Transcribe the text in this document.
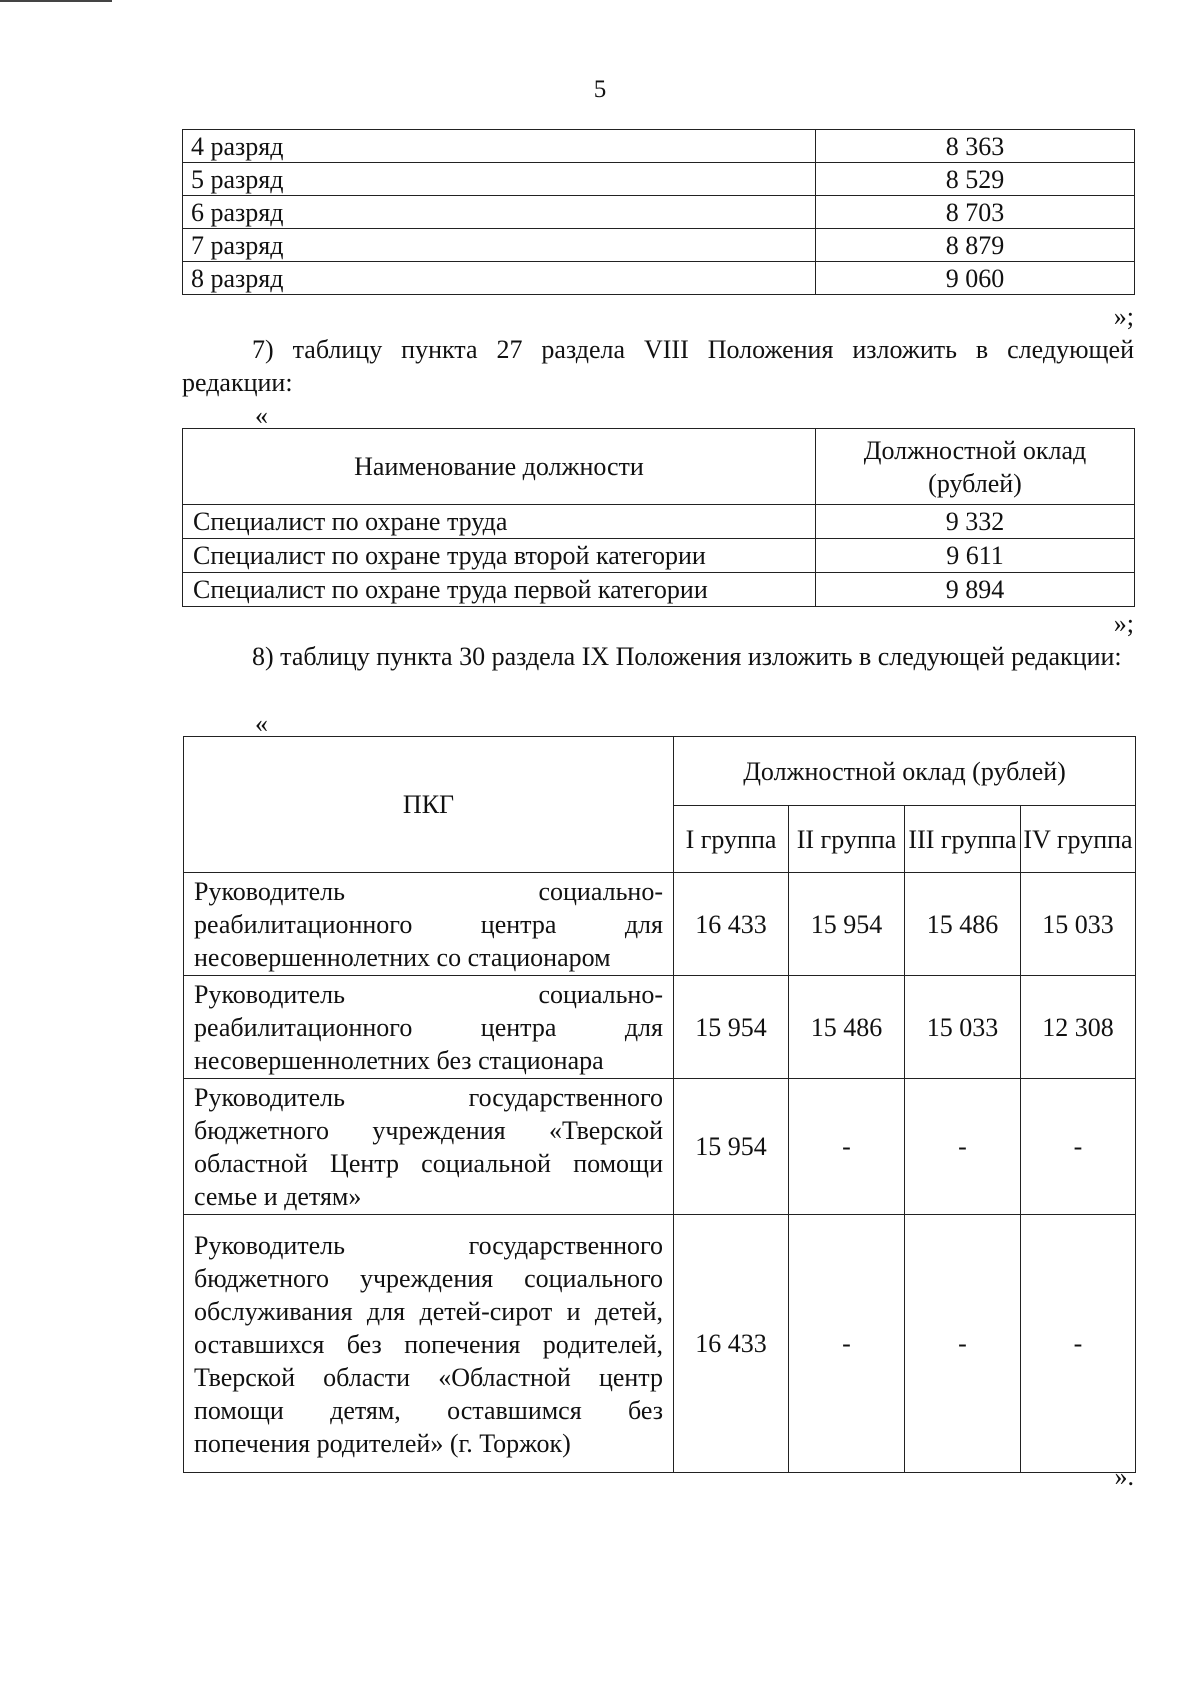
5
4 разряд	8 363
5 разряд	8 529
6 разряд	8 703
7 разряд	8 879
8 разряд	9 060
»;
7) таблицу пункта 27 раздела VIII Положения изложить в следующей редакции:
«
Наименование должности	Должностной оклад (рублей)
Специалист по охране труда	9 332
Специалист по охране труда второй категории	9 611
Специалист по охране труда первой категории	9 894
»;
8) таблицу пункта 30 раздела IX Положения изложить в следующей редакции:
«
ПКГ	Должностной оклад (рублей)			
	I группа	II группа	III группа	IV группа
Руководитель социально-реабилитационного центра для несовершеннолетних со стационаром	16 433	15 954	15 486	15 033
Руководитель социально-реабилитационного центра для несовершеннолетних без стационара	15 954	15 486	15 033	12 308
Руководитель государственного бюджетного учреждения «Тверской областной Центр социальной помощи семье и детям»	15 954	-	-	-
Руководитель государственного бюджетного учреждения социального обслуживания для детей-сирот и детей, оставшихся без попечения родителей, Тверской области «Областной центр помощи детям, оставшимся без попечения родителей» (г. Торжок)	16 433	-	-	-
».
